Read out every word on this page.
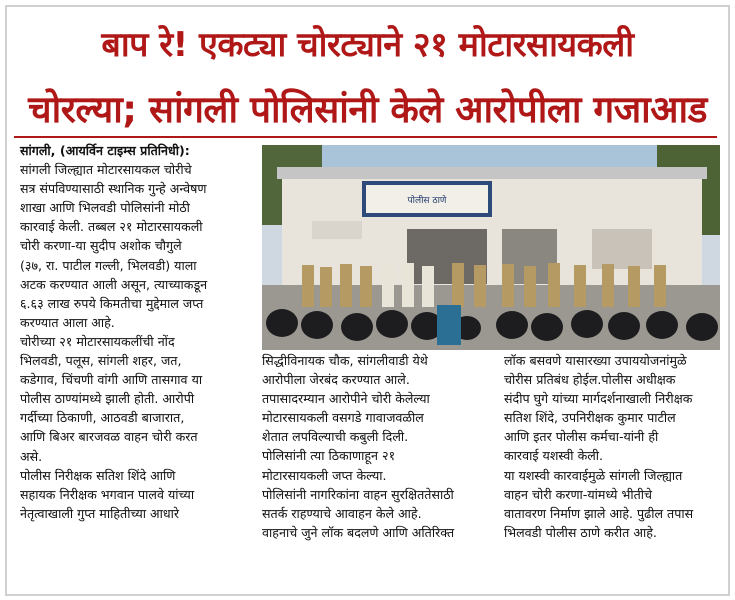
बाप रे! एकट्या चोरट्याने २१ मोटारसायकली
चोरल्या; सांगली पोलिसांनी केले आरोपीला गजाआड
सांगली, (आयर्विन टाइम्स प्रतिनिधी):
सांगली जिल्ह्यात मोटारसायकल चोरीचे
सत्र संपविण्यासाठी स्थानिक गुन्हे अन्वेषण
शाखा आणि भिलवडी पोलिसांनी मोठी
कारवाई केली. तब्बल २१ मोटारसायकली
चोरी करणा-या सुदीप अशोक चौगुले
(३७, रा. पाटील गल्ली, भिलवडी) याला
अटक करण्यात आली असून, त्याच्याकडून
६.६३ लाख रुपये किमतीचा मुद्देमाल जप्त
करण्यात आला आहे.
चोरीच्या २१ मोटारसायकलींची नोंद
भिलवडी, पलूस, सांगली शहर, जत,
कडेगाव, चिंचणी वांगी आणि तासगाव या
पोलीस ठाण्यांमध्ये झाली होती. आरोपी
गर्दीच्या ठिकाणी, आठवडी बाजारात,
आणि बिअर बारजवळ वाहन चोरी करत
असे.
पोलीस निरीक्षक सतिश शिंदे आणि
सहायक निरीक्षक भगवान पालवे यांच्या
नेतृत्वाखाली गुप्त माहितीच्या आधारे
पोलीस ठाणे
सिद्धीविनायक चौक, सांगलीवाडी येथे
आरोपीला जेरबंद करण्यात आले.
तपासादरम्यान आरोपीने चोरी केलेल्या
मोटारसायकली वसगडे गावाजवळील
शेतात लपविल्याची कबुली दिली.
पोलिसांनी त्या ठिकाणाहून २१
मोटारसायकली जप्त केल्या.
पोलिसांनी नागरिकांना वाहन सुरक्षिततेसाठी
सतर्क राहण्याचे आवाहन केले आहे.
वाहनाचे जुने लॉक बदलणे आणि अतिरिक्त
लॉक बसवणे यासारख्या उपाययोजनांमुळे
चोरीस प्रतिबंध होईल.पोलीस अधीक्षक
संदीप घुगे यांच्या मार्गदर्शनाखाली निरीक्षक
सतिश शिंदे, उपनिरीक्षक कुमार पाटील
आणि इतर पोलीस कर्मचा-यांनी ही
कारवाई यशस्वी केली.
या यशस्वी कारवाईमुळे सांगली जिल्ह्यात
वाहन चोरी करणा-यांमध्ये भीतीचे
वातावरण निर्माण झाले आहे. पुढील तपास
भिलवडी पोलीस ठाणे करीत आहे.
